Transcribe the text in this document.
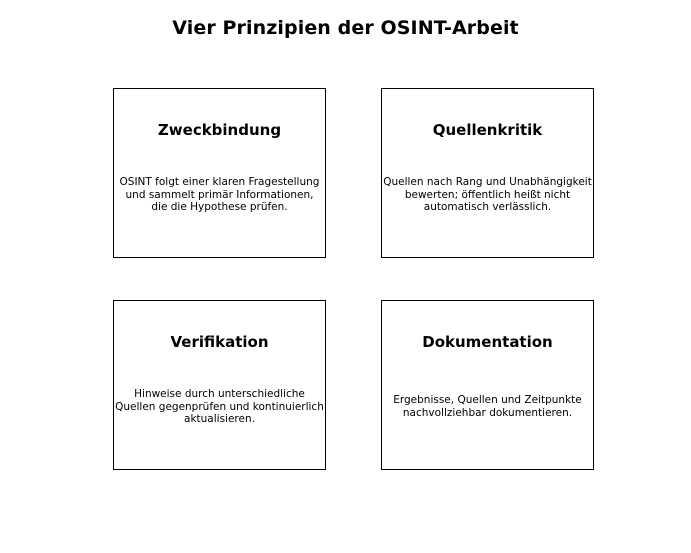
Vier Prinzipien der OSINT-Arbeit
Zweckbindung
OSINT folgt einer klaren Fragestellung
und sammelt primär Informationen,
die die Hypothese prüfen.
Quellenkritik
Quellen nach Rang und Unabhängigkeit
bewerten; öffentlich heißt nicht
automatisch verlässlich.
Verifikation
Hinweise durch unterschiedliche
Quellen gegenprüfen und kontinuierlich
aktualisieren.
Dokumentation
Ergebnisse, Quellen und Zeitpunkte
nachvollziehbar dokumentieren.
